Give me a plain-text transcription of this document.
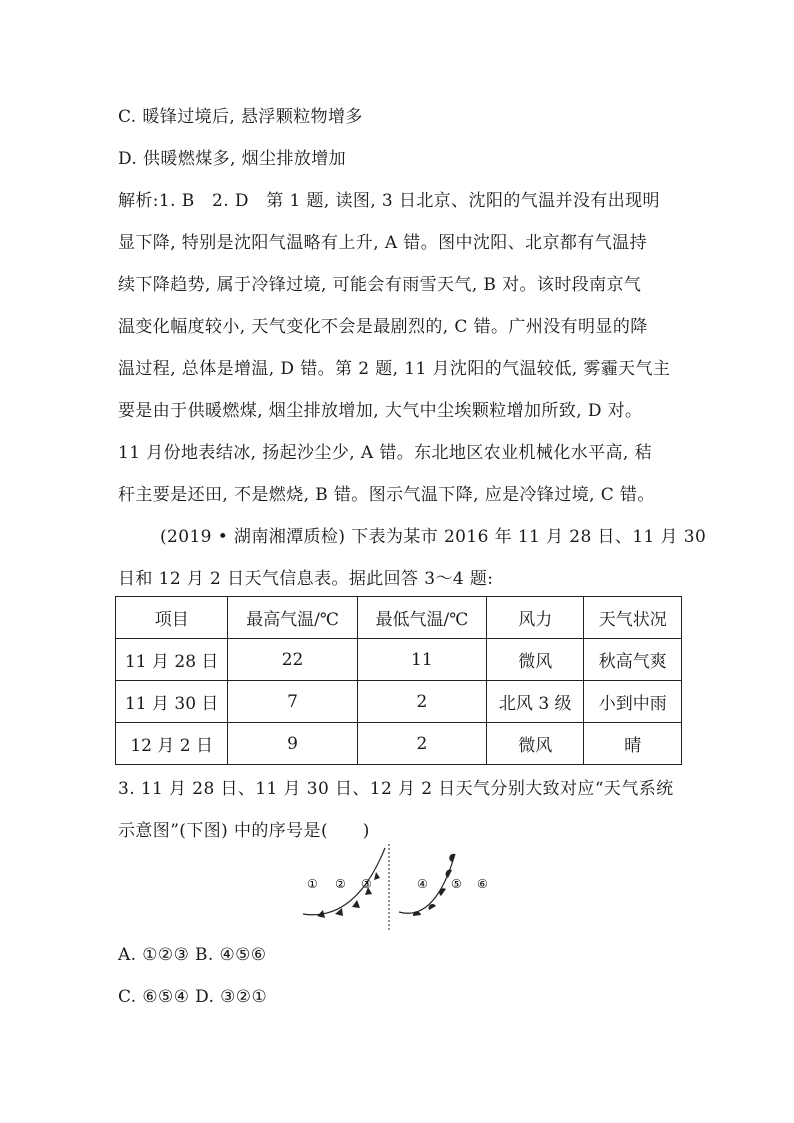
C. 暖锋过境后, 悬浮颗粒物增多
D. 供暖燃煤多, 烟尘排放增加
解析:1. B　2. D　第 1 题, 读图, 3 日北京、沈阳的气温并没有出现明
显下降, 特别是沈阳气温略有上升, A 错。图中沈阳、北京都有气温持
续下降趋势, 属于冷锋过境, 可能会有雨雪天气, B 对。该时段南京气
温变化幅度较小, 天气变化不会是最剧烈的, C 错。广州没有明显的降
温过程, 总体是增温, D 错。第 2 题, 11 月沈阳的气温较低, 雾霾天气主
要是由于供暖燃煤, 烟尘排放增加, 大气中尘埃颗粒增加所致, D 对。
11 月份地表结冰, 扬起沙尘少, A 错。东北地区农业机械化水平高, 秸
秆主要是还田, 不是燃烧, B 错。图示气温下降, 应是冷锋过境, C 错。
(2019 • 湖南湘潭质检) 下表为某市 2016 年 11 月 28 日、11 月 30
日和 12 月 2 日天气信息表。据此回答 3～4 题:
项目	最高气温/℃	最低气温/℃	风力	天气状况
11 月 28 日	22	11	微风	秋高气爽
11 月 30 日	7	2	北风 3 级	小到中雨
12 月 2 日	9	2	微风	晴
3. 11 月 28 日、11 月 30 日、12 月 2 日天气分别大致对应“天气系统
示意图”(下图) 中的序号是(　　)
① ② ③	④ ⑤ ⑥
A. ①②③ B. ④⑤⑥
C. ⑥⑤④ D. ③②①
